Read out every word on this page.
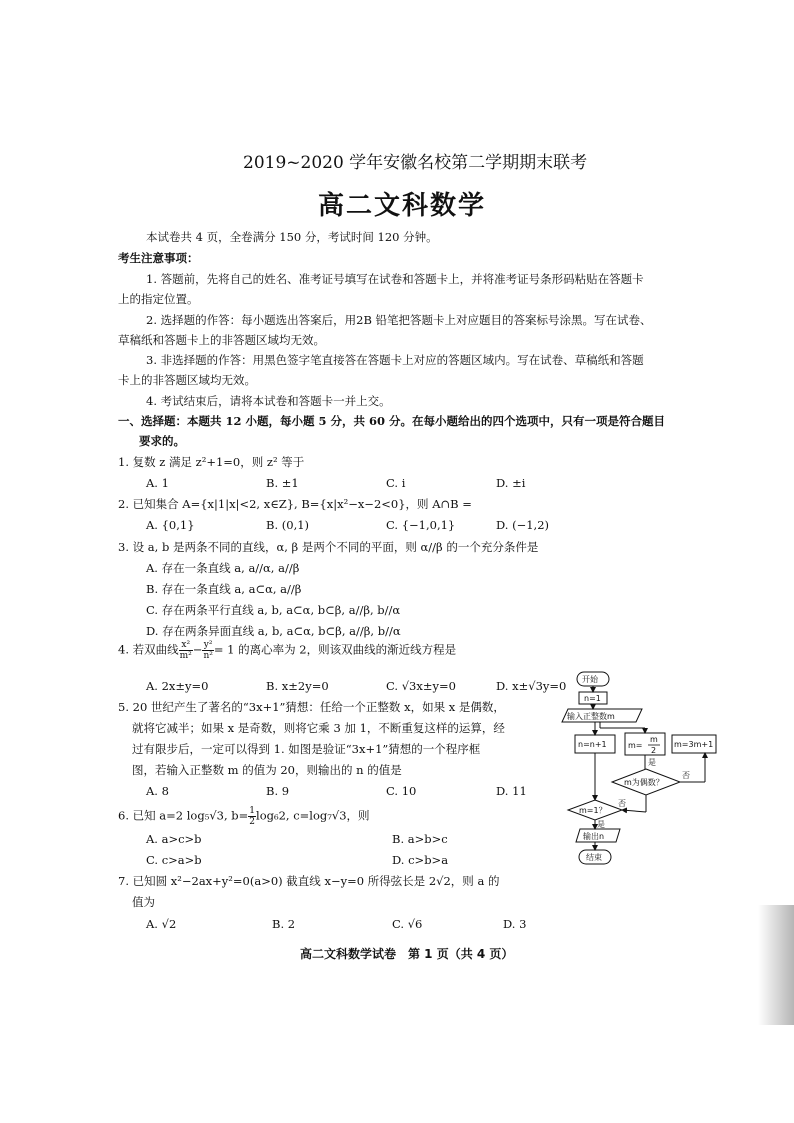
2019~2020 学年安徽名校第二学期期末联考
高二文科数学
本试卷共 4 页，全卷满分 150 分，考试时间 120 分钟。
考生注意事项：
1. 答题前，先将自己的姓名、准考证号填写在试卷和答题卡上，并将准考证号条形码粘贴在答题卡
上的指定位置。
2. 选择题的作答：每小题选出答案后，用2B 铅笔把答题卡上对应题目的答案标号涂黑。写在试卷、
草稿纸和答题卡上的非答题区域均无效。
3. 非选择题的作答：用黑色签字笔直接答在答题卡上对应的答题区域内。写在试卷、草稿纸和答题
卡上的非答题区域均无效。
4. 考试结束后，请将本试卷和答题卡一并上交。
一、选择题：本题共 12 小题，每小题 5 分，共 60 分。在每小题给出的四个选项中，只有一项是符合题目
要求的。
1. 复数 z 满足 z²+1=0，则 z² 等于
A. 1	B. ±1	C. i	D. ±i
2. 已知集合 A={x|1|x|<2, x∈Z}, B={x|x²−x−2<0}，则 A∩B =
A. {0,1}	B. (0,1)	C. {−1,0,1}	D. (−1,2)
3. 设 a, b 是两条不同的直线，α, β 是两个不同的平面，则 α//β 的一个充分条件是
A. 存在一条直线 a, a//α, a//β
B. 存在一条直线 a, a⊂α, a//β
C. 存在两条平行直线 a, b, a⊂α, b⊂β, a//β, b//α
D. 存在两条异面直线 a, b, a⊂α, b⊂β, a//β, b//α
4. 若双曲线 $\frac{\text{x²}}{\text{m²}} - \frac{\text{y²}}{\text{n²}} = 1$ 的离心率为 2，则该双曲线的渐近线方程是
A. 2x±y=0	B. x±2y=0	C. √3x±y=0	D. x±√3y=0
5. 20 世纪产生了著名的“3x+1”猜想：任给一个正整数 x，如果 x 是偶数，
就将它减半；如果 x 是奇数，则将它乘 3 加 1，不断重复这样的运算，经
过有限步后，一定可以得到 1. 如图是验证“3x+1”猜想的一个程序框
图，若输入正整数 m 的值为 20，则输出的 n 的值是
A. 8	B. 9	C. 10	D. 11
开始
n=1
输入正整数m
n=n+1	m=
m
2
m=3m+1
是
m为偶数？
否
m=1？
否
是
输出n
结束
6. 已知 a=2 log₅√3, $b= \frac{1}{2} \log_62$, c=log₇√3，则
A. a>c>b	B. a>b>c
C. c>a>b	D. c>b>a
7. 已知圆 x²−2ax+y²=0(a>0) 截直线 x−y=0 所得弦长是 2√2，则 a 的
值为
A. √2	B. 2	C. √6	D. 3
高二文科数学试卷　第 1 页（共 4 页）
